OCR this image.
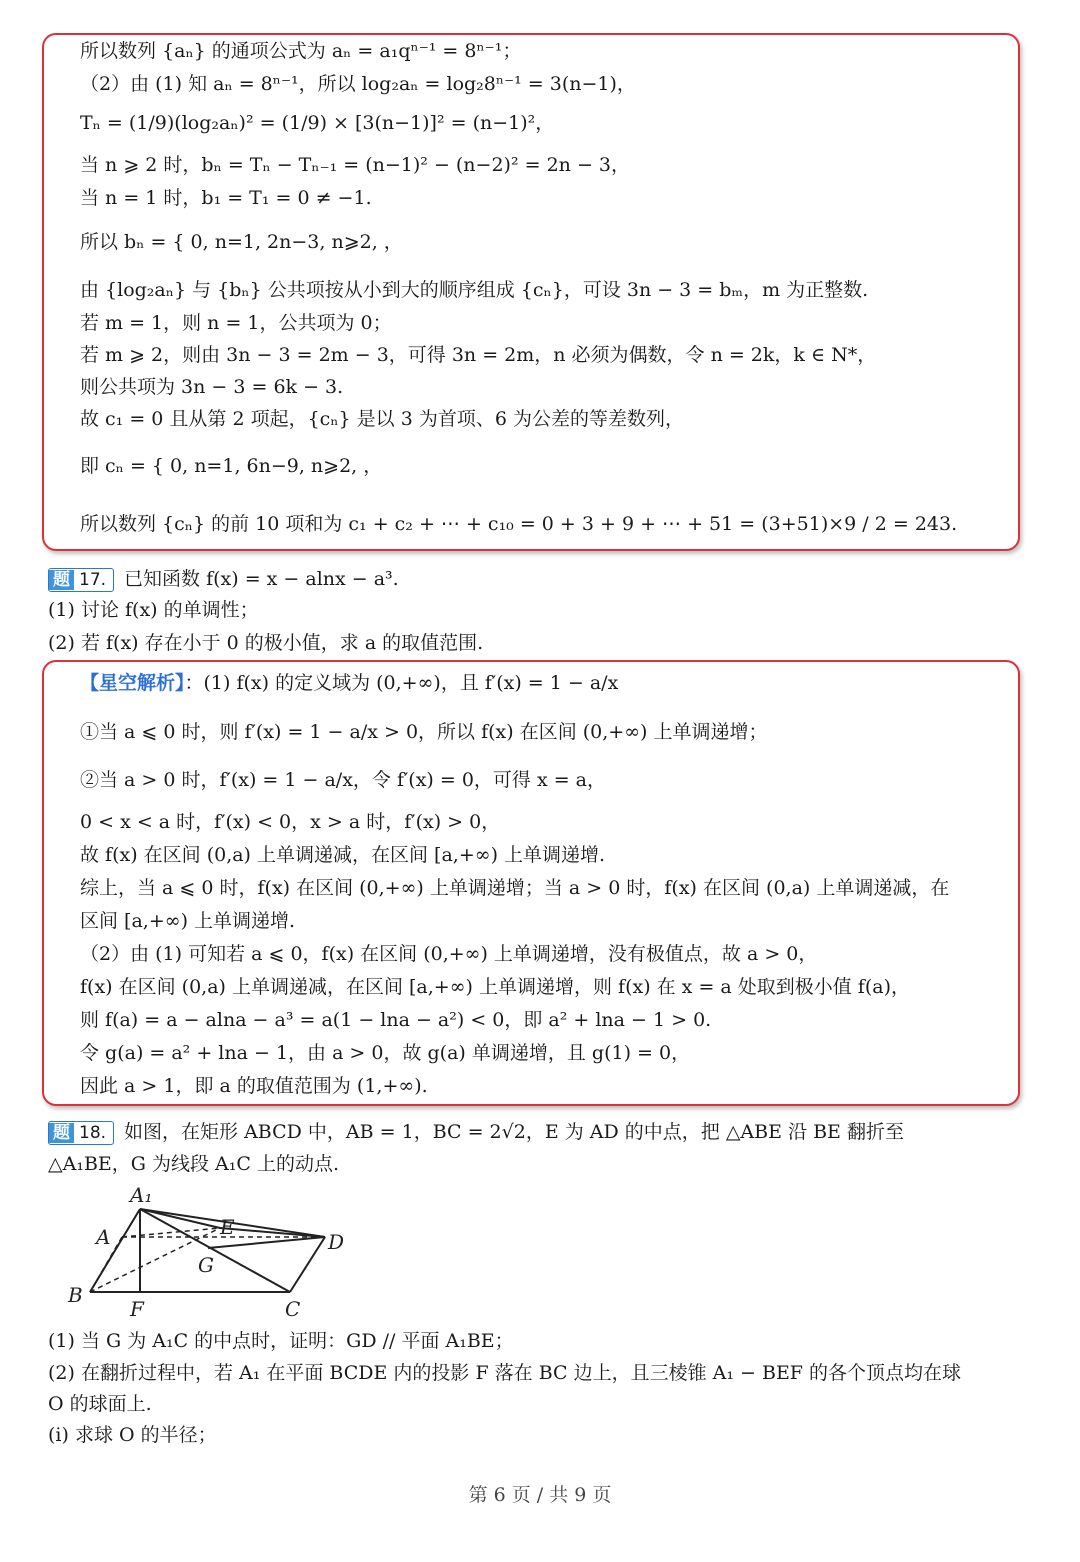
所以数列 {aₙ} 的通项公式为 aₙ = a₁qⁿ⁻¹ = 8ⁿ⁻¹；
（2）由 (1) 知 aₙ = 8ⁿ⁻¹，所以 log₂aₙ = log₂8ⁿ⁻¹ = 3(n−1)，
Tₙ = (1/9)(log₂aₙ)² = (1/9) × [3(n−1)]² = (n−1)²，
当 n ⩾ 2 时，bₙ = Tₙ − Tₙ₋₁ = (n−1)² − (n−2)² = 2n − 3，
当 n = 1 时，b₁ = T₁ = 0 ≠ −1.
所以 bₙ = { 0, n=1, 2n−3, n⩾2, ，
由 {log₂aₙ} 与 {bₙ} 公共项按从小到大的顺序组成 {cₙ}，可设 3n − 3 = bₘ，m 为正整数.
若 m = 1，则 n = 1，公共项为 0；
若 m ⩾ 2，则由 3n − 3 = 2m − 3，可得 3n = 2m，n 必须为偶数，令 n = 2k，k ∈ N*，
则公共项为 3n − 3 = 6k − 3.
故 c₁ = 0 且从第 2 项起，{cₙ} 是以 3 为首项、6 为公差的等差数列，
即 cₙ = { 0, n=1, 6n−9, n⩾2, ，
所以数列 {cₙ} 的前 10 项和为 c₁ + c₂ + ⋯ + c₁₀ = 0 + 3 + 9 + ⋯ + 51 = (3+51)×9 / 2 = 243.
题 17. 已知函数 f(x) = x − alnx − a³.
(1) 讨论 f(x) 的单调性；
(2) 若 f(x) 存在小于 0 的极小值，求 a 的取值范围.
【星空解析】：(1) f(x) 的定义域为 (0,+∞)，且 f′(x) = 1 − a/x
①当 a ⩽ 0 时，则 f′(x) = 1 − a/x > 0，所以 f(x) 在区间 (0,+∞) 上单调递增；
②当 a > 0 时，f′(x) = 1 − a/x，令 f′(x) = 0，可得 x = a，
0 < x < a 时，f′(x) < 0，x > a 时，f′(x) > 0，
故 f(x) 在区间 (0,a) 上单调递减，在区间 [a,+∞) 上单调递增.
综上，当 a ⩽ 0 时，f(x) 在区间 (0,+∞) 上单调递增；当 a > 0 时，f(x) 在区间 (0,a) 上单调递减，在
区间 [a,+∞) 上单调递增.
（2）由 (1) 可知若 a ⩽ 0，f(x) 在区间 (0,+∞) 上单调递增，没有极值点，故 a > 0，
f(x) 在区间 (0,a) 上单调递减，在区间 [a,+∞) 上单调递增，则 f(x) 在 x = a 处取到极小值 f(a)，
则 f(a) = a − alna − a³ = a(1 − lna − a²) < 0，即 a² + lna − 1 > 0.
令 g(a) = a² + lna − 1，由 a > 0，故 g(a) 单调递增，且 g(1) = 0，
因此 a > 1，即 a 的取值范围为 (1,+∞).
题 18. 如图，在矩形 ABCD 中，AB = 1，BC = 2√2，E 为 AD 的中点，把 △ABE 沿 BE 翻折至
△A₁BE，G 为线段 A₁C 上的动点.
A₁
A	E
D
G
B
F	C
(1) 当 G 为 A₁C 的中点时，证明：GD // 平面 A₁BE；
(2) 在翻折过程中，若 A₁ 在平面 BCDE 内的投影 F 落在 BC 边上，且三棱锥 A₁ − BEF 的各个顶点均在球
O 的球面上.
(ⅰ) 求球 O 的半径；
第 6 页 / 共 9 页
